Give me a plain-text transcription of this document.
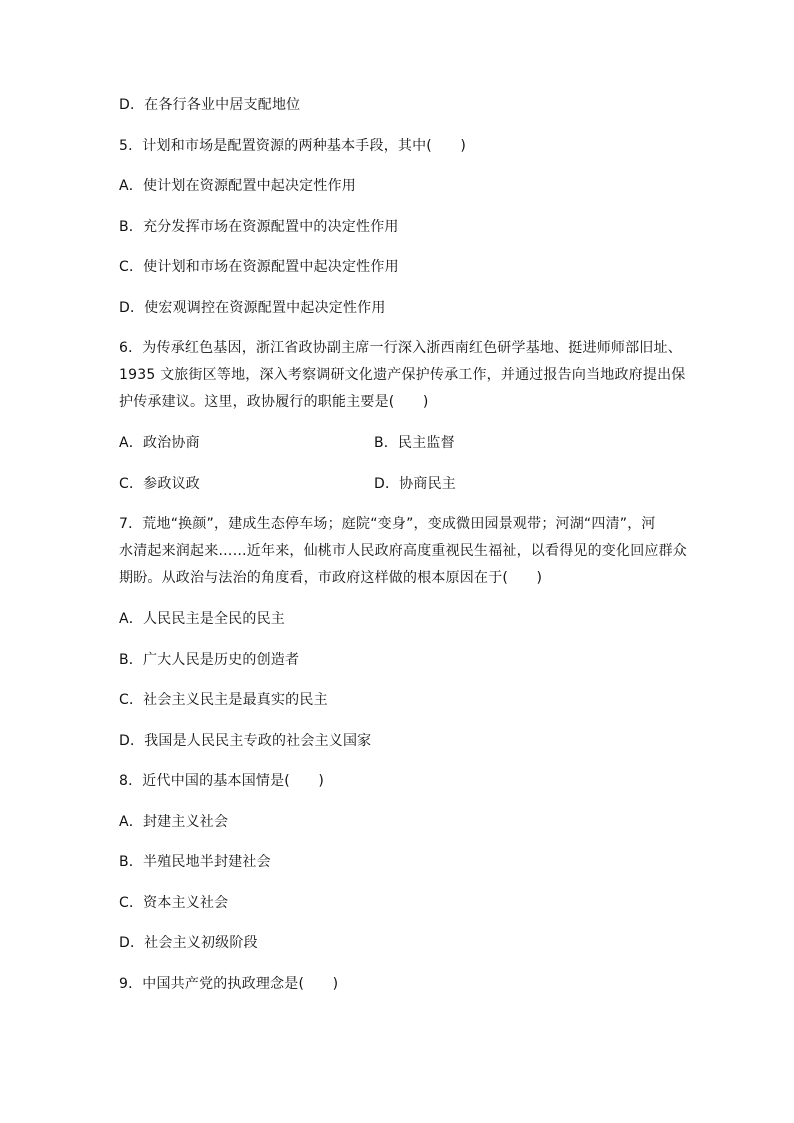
D．在各行各业中居支配地位
5．计划和市场是配置资源的两种基本手段，其中(　　)
A．使计划在资源配置中起决定性作用
B．充分发挥市场在资源配置中的决定性作用
C．使计划和市场在资源配置中起决定性作用
D．使宏观调控在资源配置中起决定性作用
6．为传承红色基因，浙江省政协副主席一行深入浙西南红色研学基地、挺进师师部旧址、
1935 文旅街区等地，深入考察调研文化遗产保护传承工作，并通过报告向当地政府提出保
护传承建议。这里，政协履行的职能主要是(　　)
A．政治协商	B．民主监督
C．参政议政	D．协商民主
7．荒地“换颜”，建成生态停车场；庭院“变身”，变成微田园景观带；河湖“四清”，河
水清起来润起来……近年来，仙桃市人民政府高度重视民生福祉，以看得见的变化回应群众
期盼。从政治与法治的角度看，市政府这样做的根本原因在于(　　)
A．人民民主是全民的民主
B．广大人民是历史的创造者
C．社会主义民主是最真实的民主
D．我国是人民民主专政的社会主义国家
8．近代中国的基本国情是(　　)
A．封建主义社会
B．半殖民地半封建社会
C．资本主义社会
D．社会主义初级阶段
9．中国共产党的执政理念是(　　)
